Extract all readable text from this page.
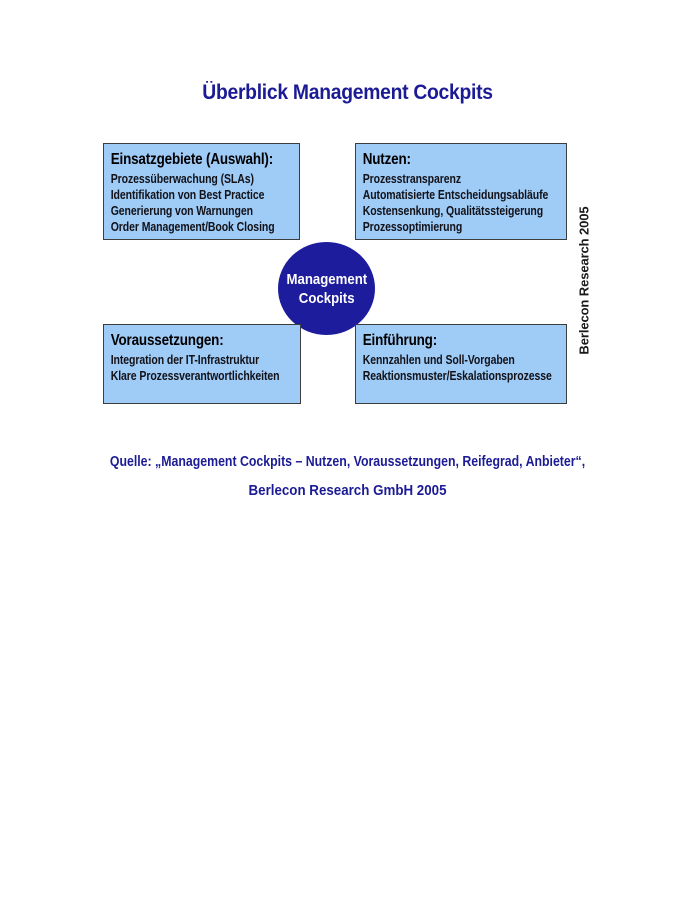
Überblick Management Cockpits
Einsatzgebiete (Auswahl):
Prozessüberwachung (SLAs)
Identifikation von Best Practice
Generierung von Warnungen
Order Management/Book Closing
Nutzen:
Prozesstransparenz
Automatisierte Entscheidungsabläufe
Kostensenkung, Qualitätssteigerung
Prozessoptimierung
Management
Cockpits
Voraussetzungen:
Integration der IT-Infrastruktur
Klare Prozessverantwortlichkeiten
Einführung:
Kennzahlen und Soll-Vorgaben
Reaktionsmuster/Eskalationsprozesse
Berlecon Research 2005
Quelle: „Management Cockpits – Nutzen, Voraussetzungen, Reifegrad, Anbieter“,
Berlecon Research GmbH 2005
